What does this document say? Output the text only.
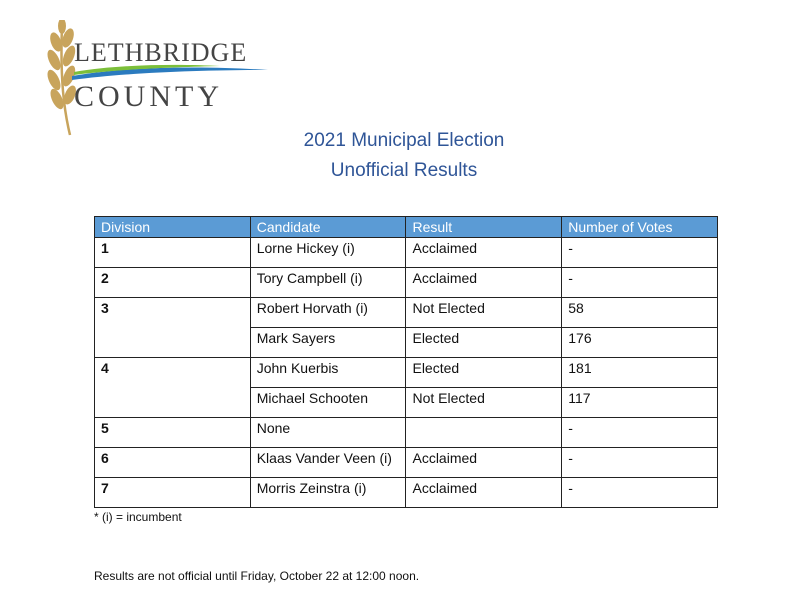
LETHBRIDGE
COUNTY
2021 Municipal Election
Unofficial Results
Division	Candidate	Result	Number of Votes
1	Lorne Hickey (i)	Acclaimed	-
2	Tory Campbell (i)	Acclaimed	-
3	Robert Horvath (i)	Not Elected	58
	Mark Sayers	Elected	176
4	John Kuerbis	Elected	181
	Michael Schooten	Not Elected	117
5	None		-
6	Klaas Vander Veen (i)	Acclaimed	-
7	Morris Zeinstra (i)	Acclaimed	-
* (i) = incumbent
Results are not official until Friday, October 22 at 12:00 noon.
